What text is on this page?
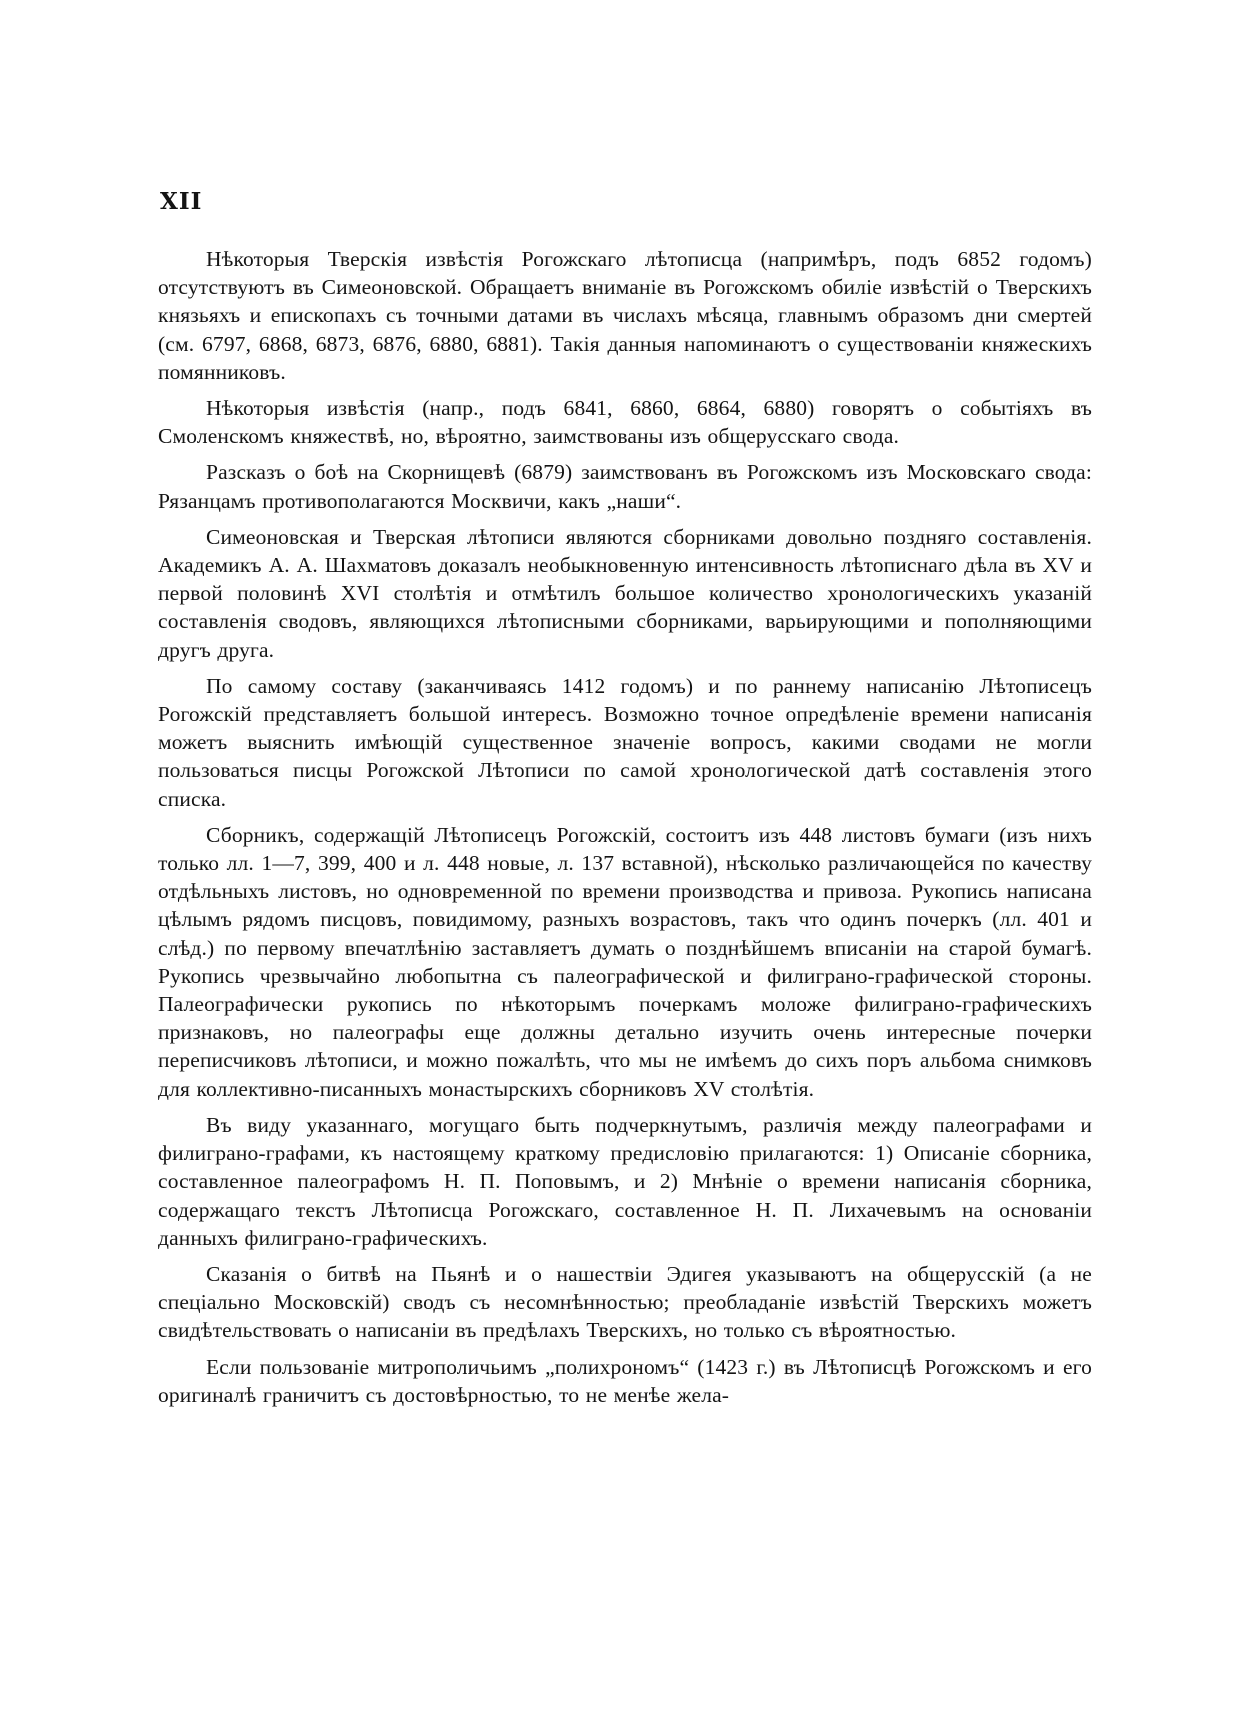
XII

Нѣкоторыя Тверскія извѣстія Рогожскаго лѣтописца (напримѣръ, подъ 6852 годомъ) отсутствуютъ въ Симеоновской. Обращаетъ вниманіе въ Рогожскомъ обиліе извѣстій о Тверскихъ князьяхъ и епископахъ съ точными датами въ числахъ мѣсяца, главнымъ образомъ дни смертей (см. 6797, 6868, 6873, 6876, 6880, 6881). Такія данныя напоминаютъ о существованіи княжескихъ помянниковъ.

Нѣкоторыя извѣстія (напр., подъ 6841, 6860, 6864, 6880) говорятъ о событіяхъ въ Смоленскомъ княжествѣ, но, вѣроятно, заимствованы изъ общерусскаго свода.

Разсказъ о боѣ на Скорнищевѣ (6879) заимствованъ въ Рогожскомъ изъ Московскаго свода: Рязанцамъ противополагаются Москвичи, какъ „наши“.

Симеоновская и Тверская лѣтописи являются сборниками довольно поздняго составленія. Академикъ А. А. Шахматовъ доказалъ необыкновенную интенсивность лѣтописнаго дѣла въ XV и первой половинѣ XVI столѣтія и отмѣтилъ большое количество хронологическихъ указаній составленія сводовъ, являющихся лѣтописными сборниками, варьирующими и пополняющими другъ друга.

По самому составу (заканчиваясь 1412 годомъ) и по раннему написанію Лѣтописецъ Рогожскій представляетъ большой интересъ. Возможно точное опредѣленіе времени написанія можетъ выяснить имѣющій существенное значеніе вопросъ, какими сводами не могли пользоваться писцы Рогожской Лѣтописи по самой хронологической датѣ составленія этого списка.

Сборникъ, содержащій Лѣтописецъ Рогожскій, состоитъ изъ 448 листовъ бумаги (изъ нихъ только лл. 1—7, 399, 400 и л. 448 новые, л. 137 вставной), нѣсколько различающейся по качеству отдѣльныхъ листовъ, но одновременной по времени производства и привоза. Рукопись написана цѣлымъ рядомъ писцовъ, повидимому, разныхъ возрастовъ, такъ что одинъ почеркъ (лл. 401 и слѣд.) по первому впечатлѣнію заставляетъ думать о позднѣйшемъ вписаніи на старой бумагѣ. Рукопись чрезвычайно любопытна съ палеографической и филиграно-графической стороны. Палеографически рукопись по нѣкоторымъ почеркамъ моложе филиграно-графическихъ признаковъ, но палеографы еще должны детально изучить очень интересные почерки переписчиковъ лѣтописи, и можно пожалѣть, что мы не имѣемъ до сихъ поръ альбома снимковъ для коллективно-писанныхъ монастырскихъ сборниковъ XV столѣтія.

Въ виду указаннаго, могущаго быть подчеркнутымъ, различія между палеографами и филиграно-графами, къ настоящему краткому предисловію прилагаются: 1) Описаніе сборника, составленное палеографомъ Н. П. Поповымъ, и 2) Мнѣніе о времени написанія сборника, содержащаго текстъ Лѣтописца Рогожскаго, составленное Н. П. Лихачевымъ на основаніи данныхъ филиграно-графическихъ.

Сказанія о битвѣ на Пьянѣ и о нашествіи Эдигея указываютъ на общерусскій (а не спеціально Московскій) сводъ съ несомнѣнностью; преобладаніе извѣстій Тверскихъ можетъ свидѣтельствовать о написаніи въ предѣлахъ Тверскихъ, но только съ вѣроятностью.

Если пользованіе митрополичьимъ „полихрономъ“ (1423 г.) въ Лѣтописцѣ Рогожскомъ и его оригиналѣ граничитъ съ достовѣрностью, то не менѣе жела-
